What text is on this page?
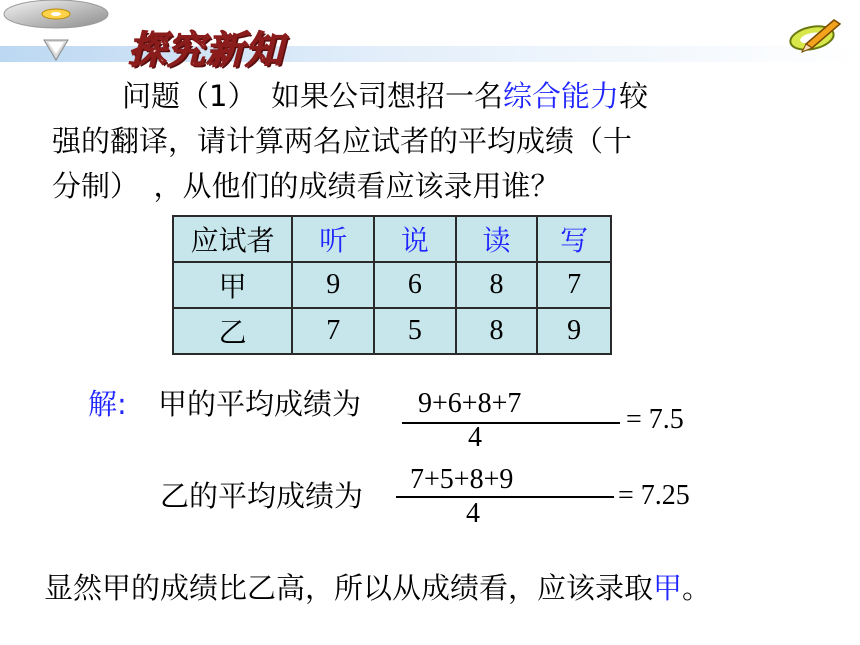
探究新知
问题（1）　如果公司想招一名综合能力较
强的翻译，请计算两名应试者的平均成绩（十
分制）　，从他们的成绩看应该录用谁？
应试者	听	说	读	写
甲	9	6	8	7
乙	7	5	8	9
解: 甲的平均成绩为 9+6+8+7
4
= 7.5
乙的平均成绩为 7+5+8+9
4
= 7.25
显然甲的成绩比乙高，所以从成绩看，应该录取甲。
